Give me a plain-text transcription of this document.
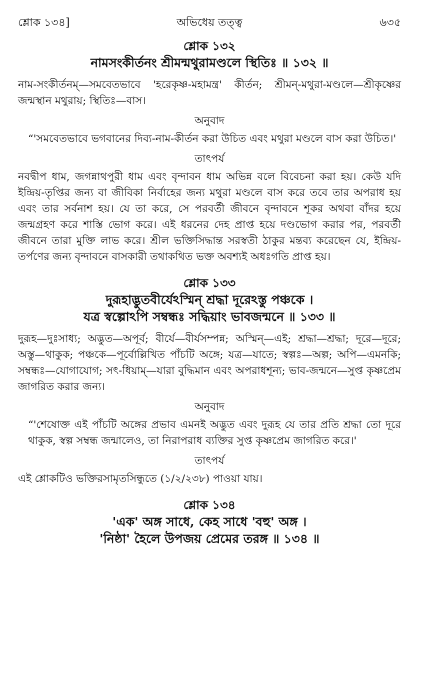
শ্লোক ১৩৪]	অভিধেয় তত্ত্ব	৬৩৫
শ্লোক ১৩২
নামসংকীর্তনং শ্রীমন্মথুরামণ্ডলে স্থিতিঃ ॥ ১৩২ ॥

নাম-সংকীর্তনম্—সমবেতভাবে 'হরেকৃষ্ণ-মহামন্ত্র' কীর্তন; শ্রীমন্-মথুরা-মণ্ডলে—শ্রীকৃষ্ণের জন্মস্থান মথুরায়; স্থিতিঃ—বাস।

অনুবাদ

“'সমবেতভাবে ভগবানের দিব্য-নাম-কীর্তন করা উচিত এবং মথুরা মণ্ডলে বাস করা উচিত।'

তাৎপর্য

নবদ্বীপ ধাম, জগন্নাথপুরী ধাম এবং বৃন্দাবন ধাম অভিন্ন বলে বিবেচনা করা হয়। কেউ যদি ইন্দ্রিয়-তৃপ্তির জন্য বা জীবিকা নির্বাহের জন্য মথুরা মণ্ডলে বাস করে তবে তার অপরাধ হয় এবং তার সর্বনাশ হয়। যে তা করে, সে পরবর্তী জীবনে বৃন্দাবনে শূকর অথবা বাঁদর হয়ে জন্মগ্রহণ করে শাস্তি ভোগ করে। এই ধরনের দেহ প্রাপ্ত হয়ে দণ্ডভোগ করার পর, পরবর্তী জীবনে তারা মুক্তি লাভ করে। শ্রীল ভক্তিসিদ্ধান্ত সরস্বতী ঠাকুর মন্তব্য করেছেন যে, ইন্দ্রিয়-তর্পণের জন্য বৃন্দাবনে বাসকারী তথাকথিত ভক্ত অবশ্যই অধঃগতি প্রাপ্ত হয়।

শ্লোক ১৩৩
দুরূহাদ্ভুতবীর্যেঽস্মিন্ শ্রদ্ধা দূরেঽস্তু পঞ্চকে ।
যত্র স্বল্পোঽপি সম্বন্ধঃ সদ্ধিয়াং ভাবজন্মনে ॥ ১৩৩ ॥

দুরূহ—দুঃসাধ্য; অদ্ভুত—অপূর্ব; বীর্যে—বীর্যসম্পন্ন; অস্মিন্—এই; শ্রদ্ধা—শ্রদ্ধা; দূরে—দূরে; অস্তু—থাকুক; পঞ্চকে—পূর্বোল্লিখিত পাঁচটি অঙ্গে; যত্র—যাতে; স্বল্পঃ—অল্প; অপি—এমনকি; সম্বন্ধঃ—যোগাযোগ; সৎ-ধিয়াম্—যারা বুদ্ধিমান এবং অপরাধশূন্য; ভাব-জন্মনে—সুপ্ত কৃষ্ণপ্রেম জাগরিত করার জন্য।

অনুবাদ

“'শেষোক্ত এই পাঁচটি অঙ্গের প্রভাব এমনই অদ্ভুত এবং দুরূহ যে তার প্রতি শ্রদ্ধা তো দূরে থাকুক, স্বল্প সম্বন্ধ জন্মালেও, তা নিরাপরাধ ব্যক্তির সুপ্ত কৃষ্ণপ্রেম জাগরিত করে।'

তাৎপর্য

এই শ্লোকটিও ভক্তিরসামৃতসিন্ধুতে (১/২/২৩৮) পাওয়া যায়।

শ্লোক ১৩৪
'এক' অঙ্গ সাধে, কেহ সাধে 'বহু' অঙ্গ ।
'নিষ্ঠা' হৈলে উপজয় প্রেমের তরঙ্গ ॥ ১৩৪ ॥
